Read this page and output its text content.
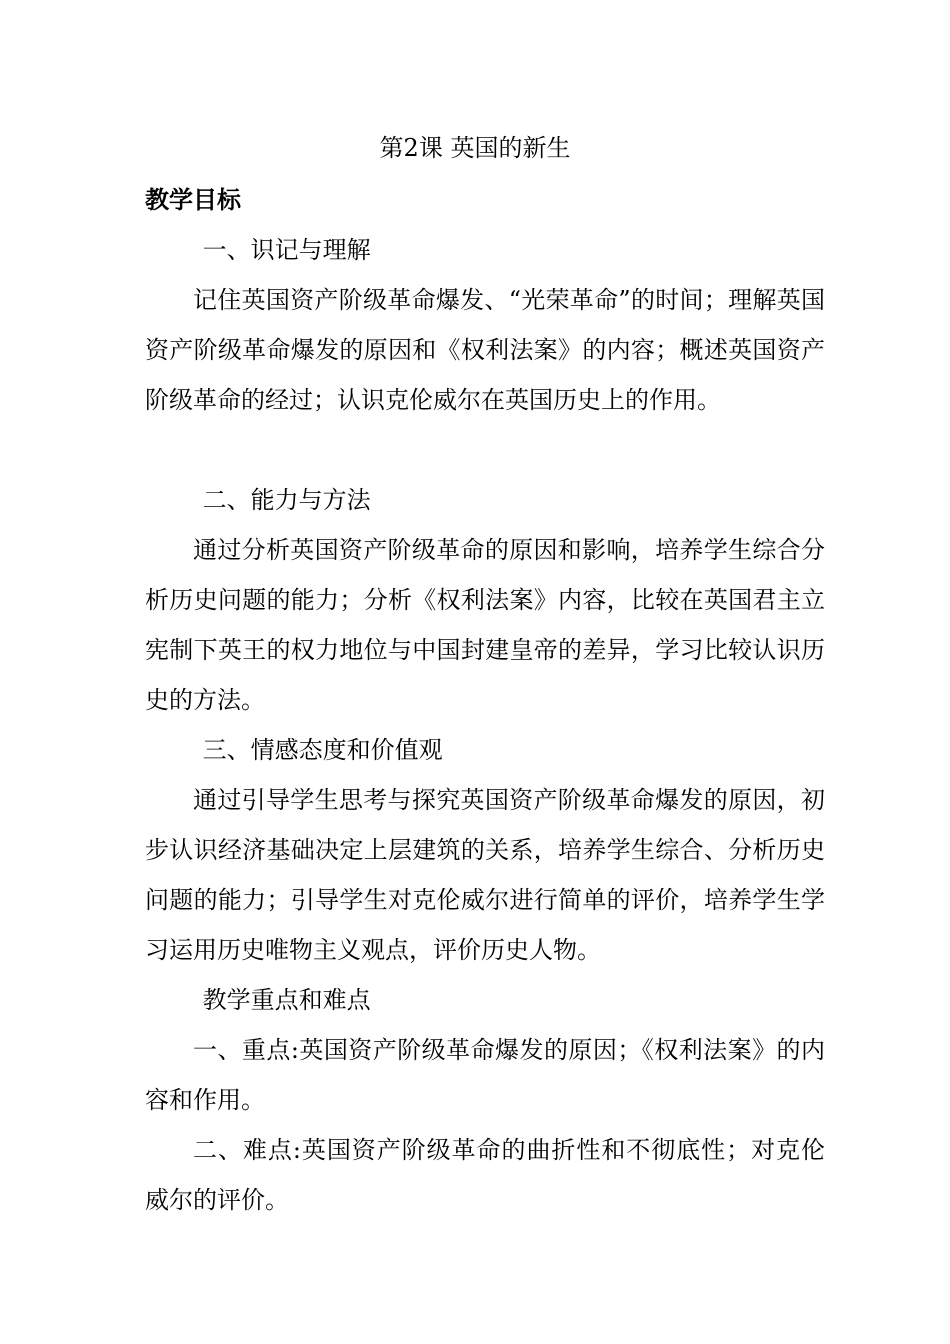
第2课 英国的新生
教学目标

一、识记与理解

记住英国资产阶级革命爆发、“光荣革命”的时间；理解英国资产阶级革命爆发的原因和《权利法案》的内容；概述英国资产阶级革命的经过；认识克伦威尔在英国历史上的作用。

二、能力与方法

通过分析英国资产阶级革命的原因和影响，培养学生综合分析历史问题的能力；分析《权利法案》内容，比较在英国君主立宪制下英王的权力地位与中国封建皇帝的差异，学习比较认识历史的方法。

三、情感态度和价值观

通过引导学生思考与探究英国资产阶级革命爆发的原因，初步认识经济基础决定上层建筑的关系，培养学生综合、分析历史问题的能力；引导学生对克伦威尔进行简单的评价，培养学生学习运用历史唯物主义观点，评价历史人物。

教学重点和难点

一、重点:英国资产阶级革命爆发的原因；《权利法案》的内容和作用。

二、难点:英国资产阶级革命的曲折性和不彻底性；对克伦威尔的评价。
